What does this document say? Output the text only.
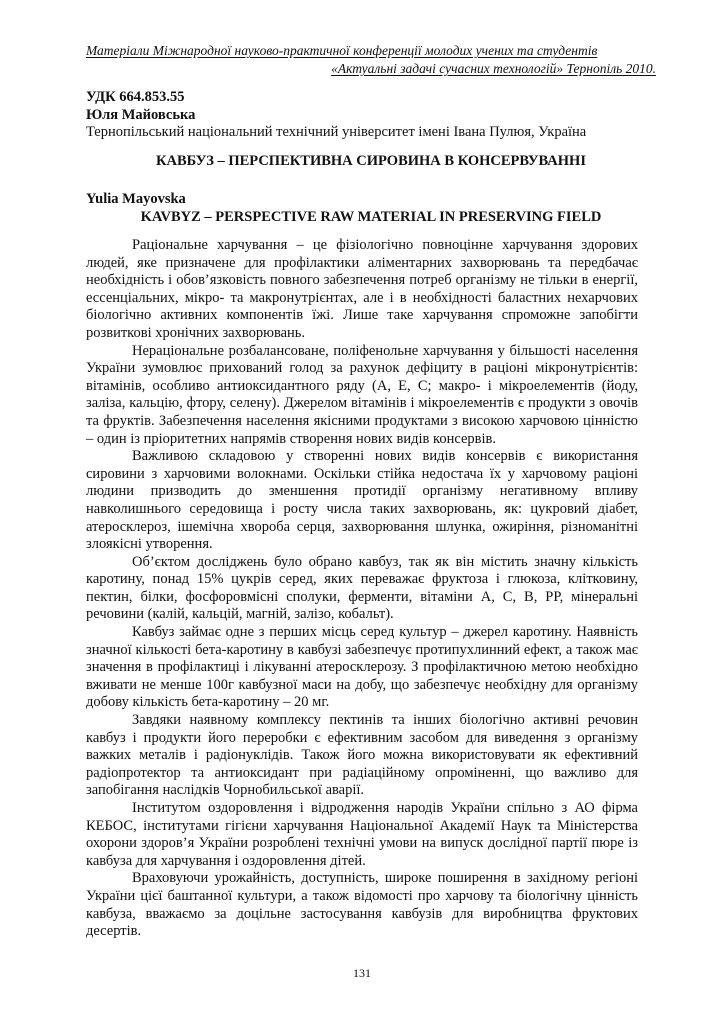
Матеріали Міжнародної науково-практичної конференції молодих учених та студентів
«Актуальні задачі сучасних технологій» Тернопіль 2010.
УДК 664.853.55
Юля Майовська
Тернопільський національний технічний університет імені Івана Пулюя, Україна
КАВБУЗ – ПЕРСПЕКТИВНА СИРОВИНА В КОНСЕРВУВАННІ
Yulia Mayovska
KAVBYZ – PERSPECTIVE RAW MATERIAL IN PRESERVING FIELD

Раціональне харчування – це фізіологічно повноцінне харчування здорових людей, яке призначене для профілактики аліментарних захворювань та передбачає необхідність і обов’язковість повного забезпечення потреб організму не тільки в енергії, ессенціальних, мікро- та макронутрієнтах, але і в необхідності баластних нехарчових біологічно активних компонентів їжі. Лише таке харчування спроможне запобігти розвиткові хронічних захворювань.

Нераціональне розбалансоване, поліфенольне харчування у більшості населення України зумовлює прихований голод за рахунок дефіциту в раціоні мікронутрієнтів: вітамінів, особливо антиоксидантного ряду (А, Е, С; макро- і мікроелементів (йоду, заліза, кальцію, фтору, селену). Джерелом вітамінів і мікроелементів є продукти з овочів та фруктів. Забезпечення населення якісними продуктами з високою харчовою цінністю – один із пріоритетних напрямів створення нових видів консервів.

Важливою складовою у створенні нових видів консервів є використання сировини з харчовими волокнами. Оскільки стійка недостача їх у харчовому раціоні людини призводить до зменшення протидії організму негативному впливу навколишнього середовища і росту числа таких захворювань, як: цукровий діабет, атеросклероз, ішемічна хвороба серця, захворювання шлунка, ожиріння, різноманітні злоякісні утворення.

Об’єктом досліджень було обрано кавбуз, так як він містить значну кількість каротину, понад 15% цукрів серед, яких переважає фруктоза і глюкоза, клітковину, пектин, білки, фосфоровмісні сполуки, ферменти, вітаміни А, С, В, РР, мінеральні речовини (калій, кальцій, магній, залізо, кобальт).

Кавбуз займає одне з перших місць серед культур – джерел каротину. Наявність значної кількості бета-каротину в кавбузі забезпечує протипухлинний ефект, а також має значення в профілактиці і лікуванні атеросклерозу. З профілактичною метою необхідно вживати не менше 100г кавбузної маси на добу, що забезпечує необхідну для організму добову кількість бета-каротину – 20 мг.

Завдяки наявному комплексу пектинів та інших біологічно активні речовин кавбуз і продукти його переробки є ефективним засобом для виведення з організму важких металів і радіонуклідів. Також його можна використовувати як ефективний радіопротектор та антиоксидант при радіаційному опроміненні, що важливо для запобігання наслідків Чорнобильської аварії.

Інститутом оздоровлення і відродження народів України спільно з АО фірма КЕБОС, інститутами гігієни харчування Національної Академії Наук та Міністерства охорони здоров’я України розроблені технічні умови на випуск дослідної партії пюре із кавбуза для харчування і оздоровлення дітей.

Враховуючи урожайність, доступність, широке поширення в західному регіоні України цієї баштанної культури, а також відомості про харчову та біологічну цінність кавбуза, вважаємо за доцільне застосування кавбузів для виробництва фруктових десертів.

131
